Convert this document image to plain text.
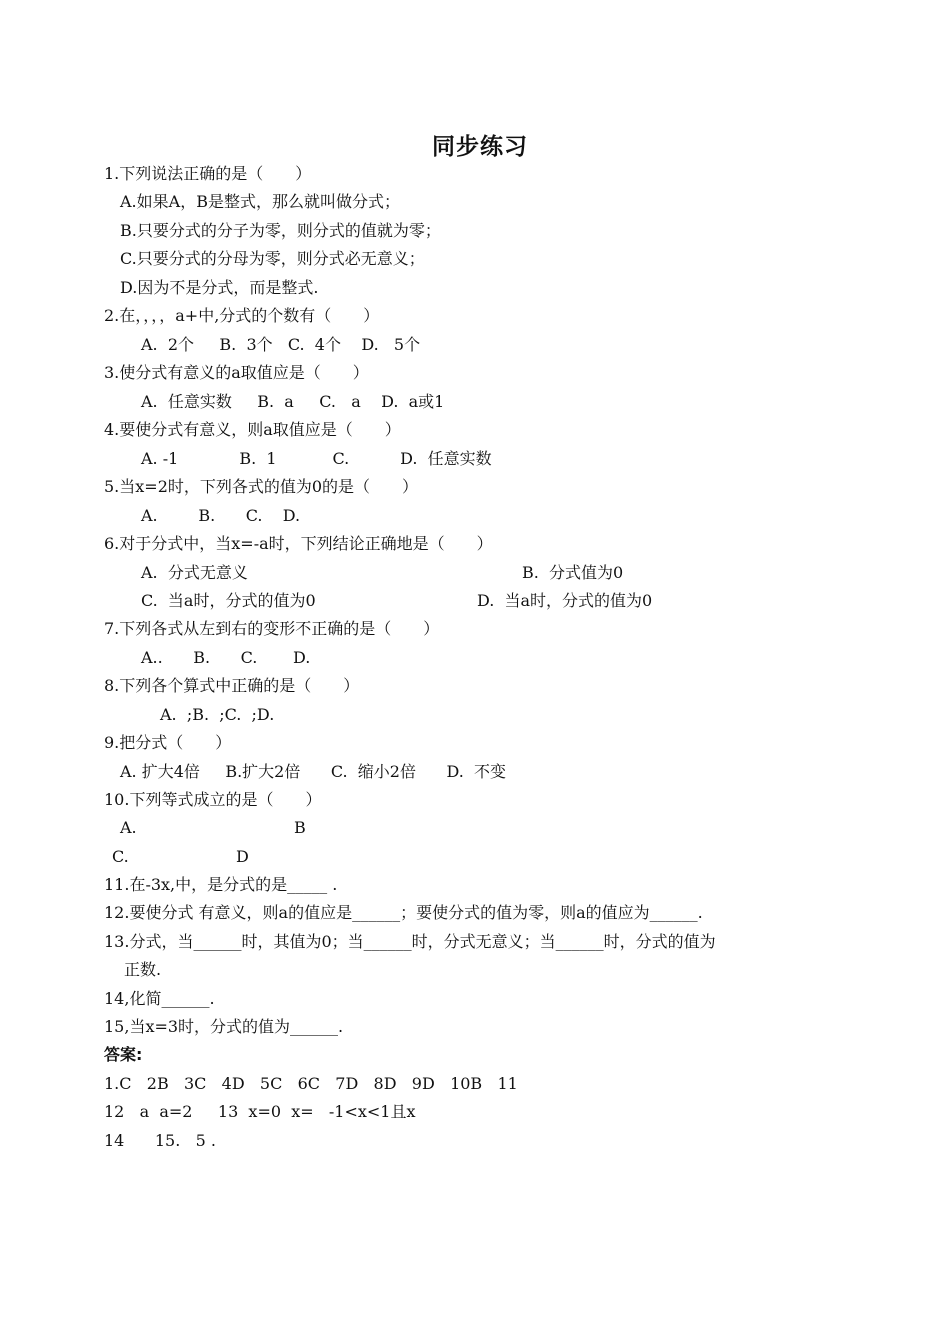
同步练习
1.下列说法正确的是（　　）
A.如果A，B是整式，那么就叫做分式；
B.只要分式的分子为零，则分式的值就为零；
C.只要分式的分母为零，则分式必无意义；
D.因为不是分式，而是整式.
2.在，，，，a+中,分式的个数有（　　）
A.  2个     B.  3个   C.  4个    D.   5个
3.使分式有意义的a取值应是（　　）
A.  任意实数     B.  a     C.   a    D.  a或1
4.要使分式有意义，则a取值应是（　　）
A. -1            B.  1           C.          D.  任意实数
5.当x=2时，下列各式的值为0的是（　　）
A.        B.      C.    D.
6.对于分式中，当x=-a时，下列结论正确地是（　　）
A.  分式无意义	B.  分式值为0
C.  当a时，分式的值为0	D.  当a时，分式的值为0
7.下列各式从左到右的变形不正确的是（　　）
A..      B.      C.       D.
8.下列各个算式中正确的是（　　）
A.  ;B.  ;C.  ;D.
9.把分式（　　）
A. 扩大4倍     B.扩大2倍      C.  缩小2倍      D.  不变
10.下列等式成立的是（　　）
A.	B
C.	D
11.在-3x,中，是分式的是_____ .
12.要使分式 有意义，则a的值应是______；要使分式的值为零，则a的值应为______.
13.分式，当______时，其值为0；当______时，分式无意义；当______时，分式的值为
正数.
14,化简______.
15,当x=3时，分式的值为______.
答案:
1.C   2B   3C   4D   5C   6C   7D   8D   9D   10B   11
12   a  a=2     13  x=0  x=   -1<x<1且x
14      15.   5 .
